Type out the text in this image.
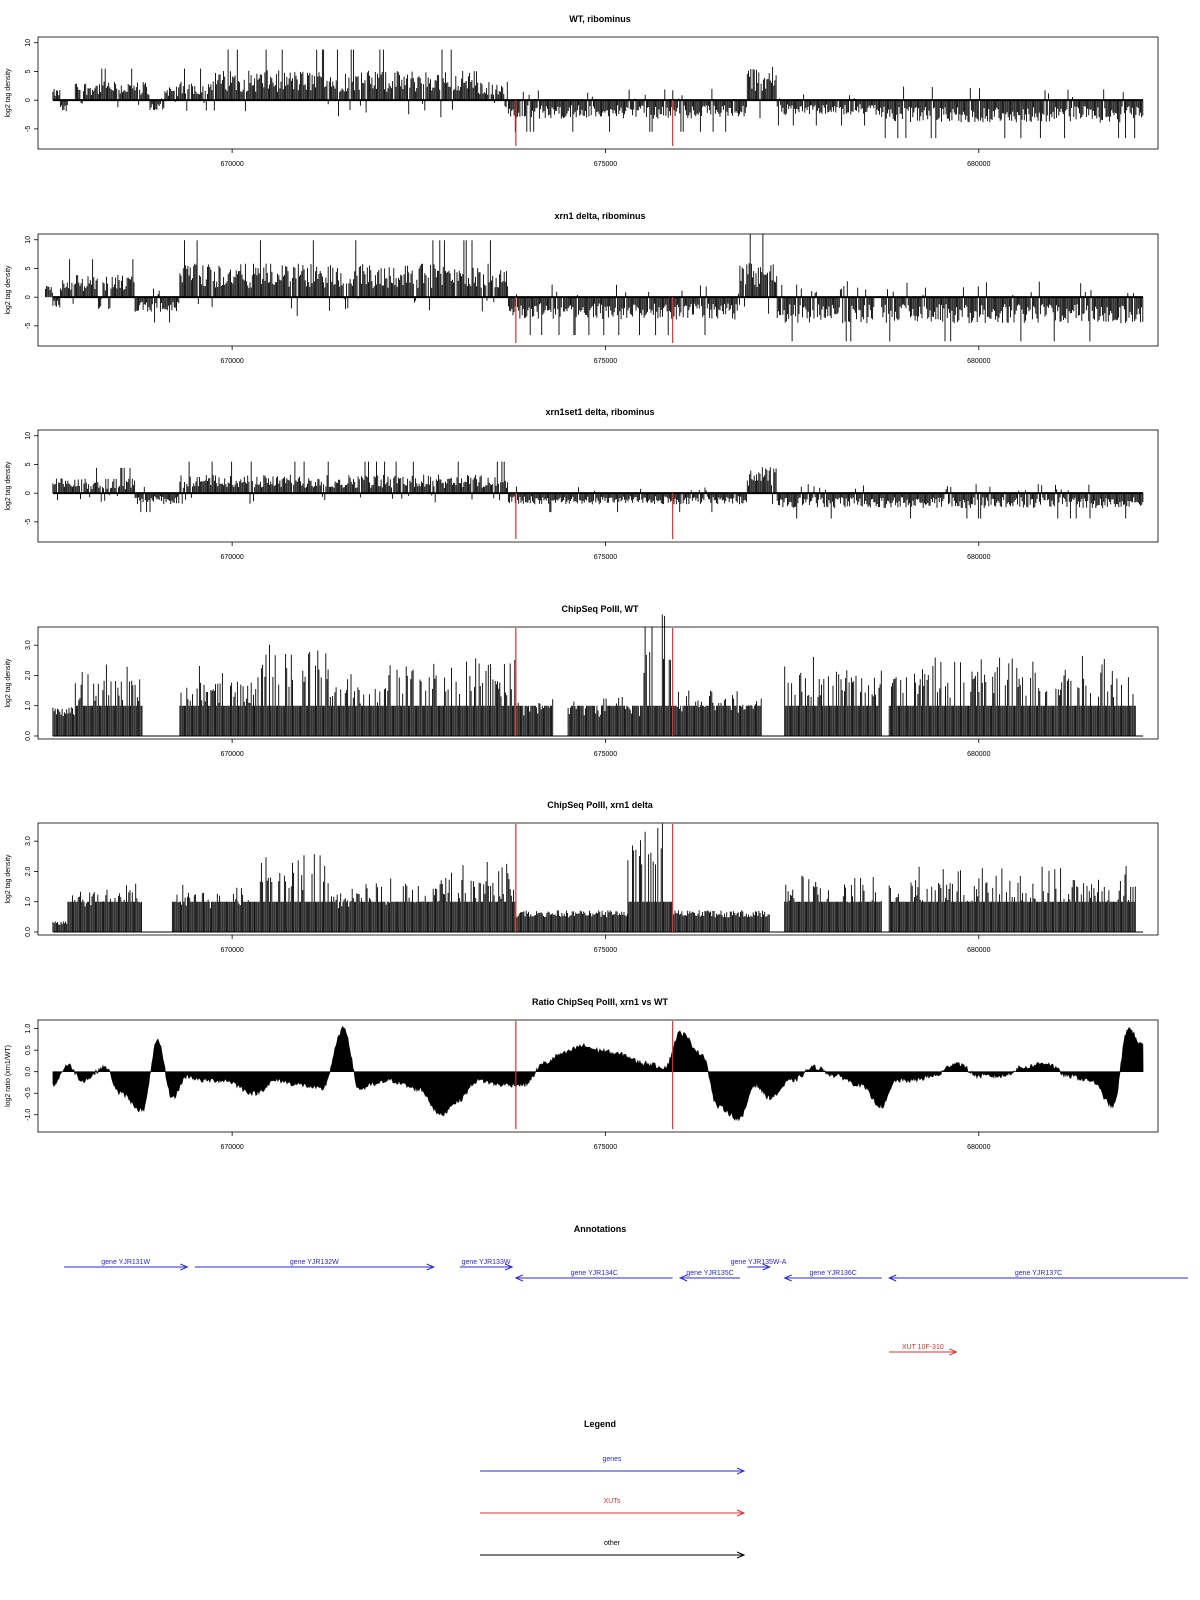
WT, ribominus
log2 tag density
-5
0
5
10
670000	675000	680000
xrn1 delta, ribominus
log2 tag density
-5
0
5
10
670000	675000	680000
xrn1set1 delta, ribominus
log2 tag density
-5
0
5
10
670000	675000	680000
ChipSeq PolII, WT
log2 tag density
0.0
1.0
2.0
3.0
670000	675000	680000
ChipSeq PolII, xrn1 delta
log2 tag density
0.0
1.0
2.0
3.0
670000	675000	680000
Ratio ChipSeq PolII, xrn1 vs WT
log2 ratio (xrn1/WT)
-1.0
-0.5
0.0
0.5
1.0
670000	675000	680000
Annotations
gene YJR131W	gene YJR132W	gene YJR133W
gene YJR134C	gene YJR135C
gene YJR135W-A
gene YJR136C	gene YJR137C
XUT 10F-310
Legend
genes
XUTs
other
